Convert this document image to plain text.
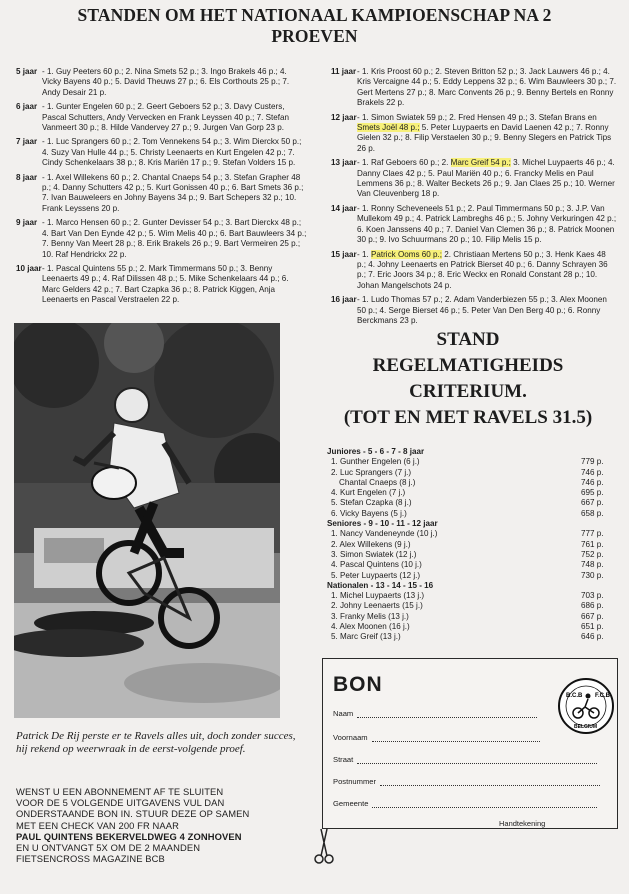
STANDEN OM HET NATIONAAL KAMPIOENSCHAP NA 2
PROEVEN
5 jaar - 1. Guy Peeters 60 p.; 2. Nina Smets 52 p.; 3. Ingo Brakels 46 p.; 4. Vicky Bayens 40 p.; 5. David Theuws 27 p.; 6. Els Corthouts 25 p.; 7. Andy Desair 21 p.
6 jaar - 1. Gunter Engelen 60 p.; 2. Geert Geboers 52 p.; 3. Davy Custers, Pascal Schutters, Andy Vervecken en Frank Leyssen 40 p.; 7. Stefan Vanmeert 30 p.; 8. Hilde Vandervey 27 p.; 9. Jurgen Van Gorp 23 p.
7 jaar - 1. Luc Sprangers 60 p.; 2. Tom Vennekens 54 p.; 3. Wim Dierckx 50 p.; 4. Suzy Van Hulle 44 p.; 5. Christy Leenaerts en Kurt Engelen 42 p.; 7. Cindy Schenkelaars 38 p.; 8. Kris Mariën 17 p.; 9. Stefan Volders 15 p.
8 jaar - 1. Axel Willekens 60 p.; 2. Chantal Cnaeps 54 p.; 3. Stefan Grapher 48 p.; 4. Danny Schutters 42 p.; 5. Kurt Gonissen 40 p.; 6. Bart Smets 36 p.; 7. Ivan Bauweleers en Johny Bayens 34 p.; 9. Bart Schepers 32 p.; 10. Frank Leyssens 20 p.
9 jaar - 1. Marco Hensen 60 p.; 2. Gunter Devisser 54 p.; 3. Bart Dierckx 48 p.; 4. Bart Van Den Eynde 42 p.; 5. Wim Melis 40 p.; 6. Bart Bauwleers 34 p.; 7. Benny Van Meert 28 p.; 8. Erik Brakels 26 p.; 9. Bart Vermeiren 25 p.; 10. Raf Hendrickx 22 p.
10 jaar - 1. Pascal Quintens 55 p.; 2. Mark Timmermans 50 p.; 3. Benny Leenaerts 49 p.; 4. Raf Dilissen 48 p.; 5. Mike Schenkelaars 44 p.; 6. Marc Gelders 42 p.; 7. Bart Czapka 36 p.; 8. Patrick Kiggen, Anja Leenaerts en Pascal Verstraelen 22 p.
11 jaar - 1. Kris Proost 60 p.; 2. Steven Britton 52 p.; 3. Jack Lauwers 46 p.; 4. Kris Vercaigne 44 p.; 5. Eddy Leppens 32 p.; 6. Wim Bauwleers 30 p.; 7. Gert Mertens 27 p.; 8. Marc Convents 26 p.; 9. Benny Bertels en Ronny Brakels 22 p.
12 jaar - 1. Simon Swiatek 59 p.; 2. Fred Hensen 49 p.; 3. Stefan Brans en Smets Joël 48 p.; 5. Peter Luypaerts en David Laenen 42 p.; 7. Ronny Gielen 32 p.; 8. Filip Verstaelen 30 p.; 9. Benny Slegers en Patrick Tips 26 p.
13 jaar - 1. Raf Geboers 60 p.; 2. Marc Greif 54 p.; 3. Michel Luypaerts 46 p.; 4. Danny Claes 42 p.; 5. Paul Mariën 40 p.; 6. Francky Melis en Paul Lemmens 36 p.; 8. Walter Beckets 26 p.; 9. Jan Claes 25 p.; 10. Werner Van Cleuvenberg 18 p.
14 jaar - 1. Ronny Scheveneels 51 p.; 2. Paul Timmermans 50 p.; 3. J.P. Van Mullekom 49 p.; 4. Patrick Lambreghs 46 p.; 5. Johny Verkuringen 42 p.; 6. Koen Janssens 40 p.; 7. Daniel Van Clemen 36 p.; 8. Patrick Moonen 30 p.; 9. Ivo Schuurmans 20 p.; 10. Filip Melis 15 p.
15 jaar - 1. Patrick Ooms 60 p.; 2. Christiaan Mertens 50 p.; 3. Henk Kaes 48 p.; 4. Johny Leenaerts en Patrick Bierset 40 p.; 6. Danny Schrayen 36 p.; 7. Eric Joors 34 p.; 8. Eric Weckx en Ronald Constant 28 p.; 10. Johan Mangelschots 24 p.
16 jaar - 1. Ludo Thomas 57 p.; 2. Adam Vanderbiezen 55 p.; 3. Alex Moonen 50 p.; 4. Serge Bierset 46 p.; 5. Peter Van Den Berg 40 p.; 6. Ronny Berckmans 23 p.
Patrick De Rij perste er te Ravels alles uit, doch zonder succes, hij rekend op weerwraak in de eerst-volgende proef.
WENST U EEN ABONNEMENT AF TE SLUITEN
VOOR DE 5 VOLGENDE UITGAVENS VUL DAN
ONDERSTAANDE BON IN. STUUR DEZE OP SAMEN
MET EEN CHECK VAN 200 FR NAAR
PAUL QUINTENS BEKERVELDWEG 4 ZONHOVEN
EN U ONTVANGT 5X OM DE 2 MAANDEN
FIETSENCROSS MAGAZINE BCB
STAND
REGELMATIGHEIDS
CRITERIUM.
(TOT EN MET RAVELS 31.5)
Juniores - 5 - 6 - 7 - 8 jaar
1. Gunther Engelen (6 j.)	779 p.
2. Luc Sprangers (7 j.)	746 p.
Chantal Cnaeps (8 j.)	746 p.
4. Kurt Engelen (7 j.)	695 p.
5. Stefan Czapka (8 j.)	667 p.
6. Vicky Bayens (5 j.)	658 p.
Seniores - 9 - 10 - 11 - 12 jaar
1. Nancy Vandeneynde (10 j.)	777 p.
2. Alex Willekens (9 j.)	761 p.
3. Simon Swiatek (12 j.)	752 p.
4. Pascal Quintens (10 j.)	748 p.
5. Peter Luypaerts (12 j.)	730 p.
Nationalen - 13 - 14 - 15 - 16
1. Michel Luypaerts (13 j.)	703 p.
2. Johny Leenaerts (15 j.)	686 p.
3. Franky Melis (13 j.)	667 p.
4. Alex Moonen (16 j.)	651 p.
5. Marc Greif (13 j.)	646 p.
BON
Naam
Voornaam
Straat
Postnummer
Gemeente
Handtekening
B.C.B F.C.B
BELGIUM
